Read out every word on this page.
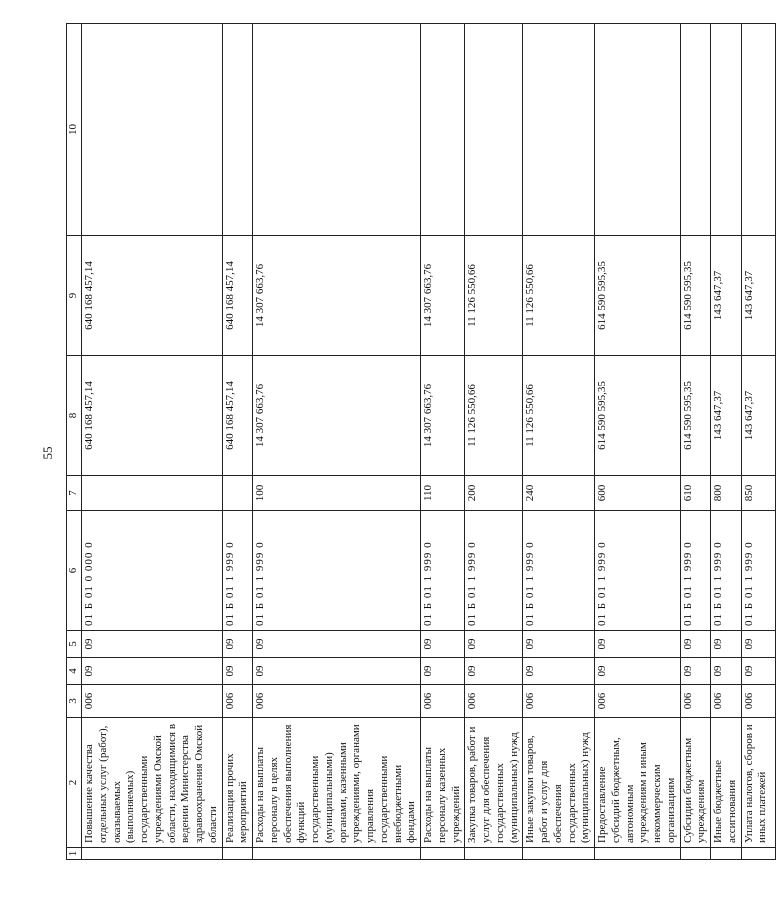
55
1	2	3	4	5	6	7	8	9	10
	Повышение качества отдельных услуг (работ), оказываемых (выполняемых) государственными учреждениями Омской области, находящимися в ведении Министерства здравоохранения Омской области	006	09	09	01 Б 01 0 000 0		640 168 457,14	640 168 457,14	
	Реализация прочих мероприятий	006	09	09	01 Б 01 1 999 0		640 168 457,14	640 168 457,14	
	Расходы на выплаты персоналу в целях обеспечения выполнения функций государственными (муниципальными) органами, казенными учреждениями, органами управления государственными внебюджетными фондами	006	09	09	01 Б 01 1 999 0	100	14 307 663,76	14 307 663,76	
	Расходы на выплаты персоналу казенных учреждений	006	09	09	01 Б 01 1 999 0	110	14 307 663,76	14 307 663,76	
	Закупка товаров, работ и услуг для обеспечения государственных (муниципальных) нужд	006	09	09	01 Б 01 1 999 0	200	11 126 550,66	11 126 550,66	
	Иные закупки товаров, работ и услуг для обеспечения государственных (муниципальных) нужд	006	09	09	01 Б 01 1 999 0	240	11 126 550,66	11 126 550,66	
	Предоставление субсидий бюджетным, автономным учреждениям и иным некоммерческим организациям	006	09	09	01 Б 01 1 999 0	600	614 590 595,35	614 590 595,35	
	Субсидии бюджетным учреждениям	006	09	09	01 Б 01 1 999 0	610	614 590 595,35	614 590 595,35	
	Иные бюджетные ассигнования	006	09	09	01 Б 01 1 999 0	800	143 647,37	143 647,37	
	Уплата налогов, сборов и иных платежей	006	09	09	01 Б 01 1 999 0	850	143 647,37	143 647,37	
